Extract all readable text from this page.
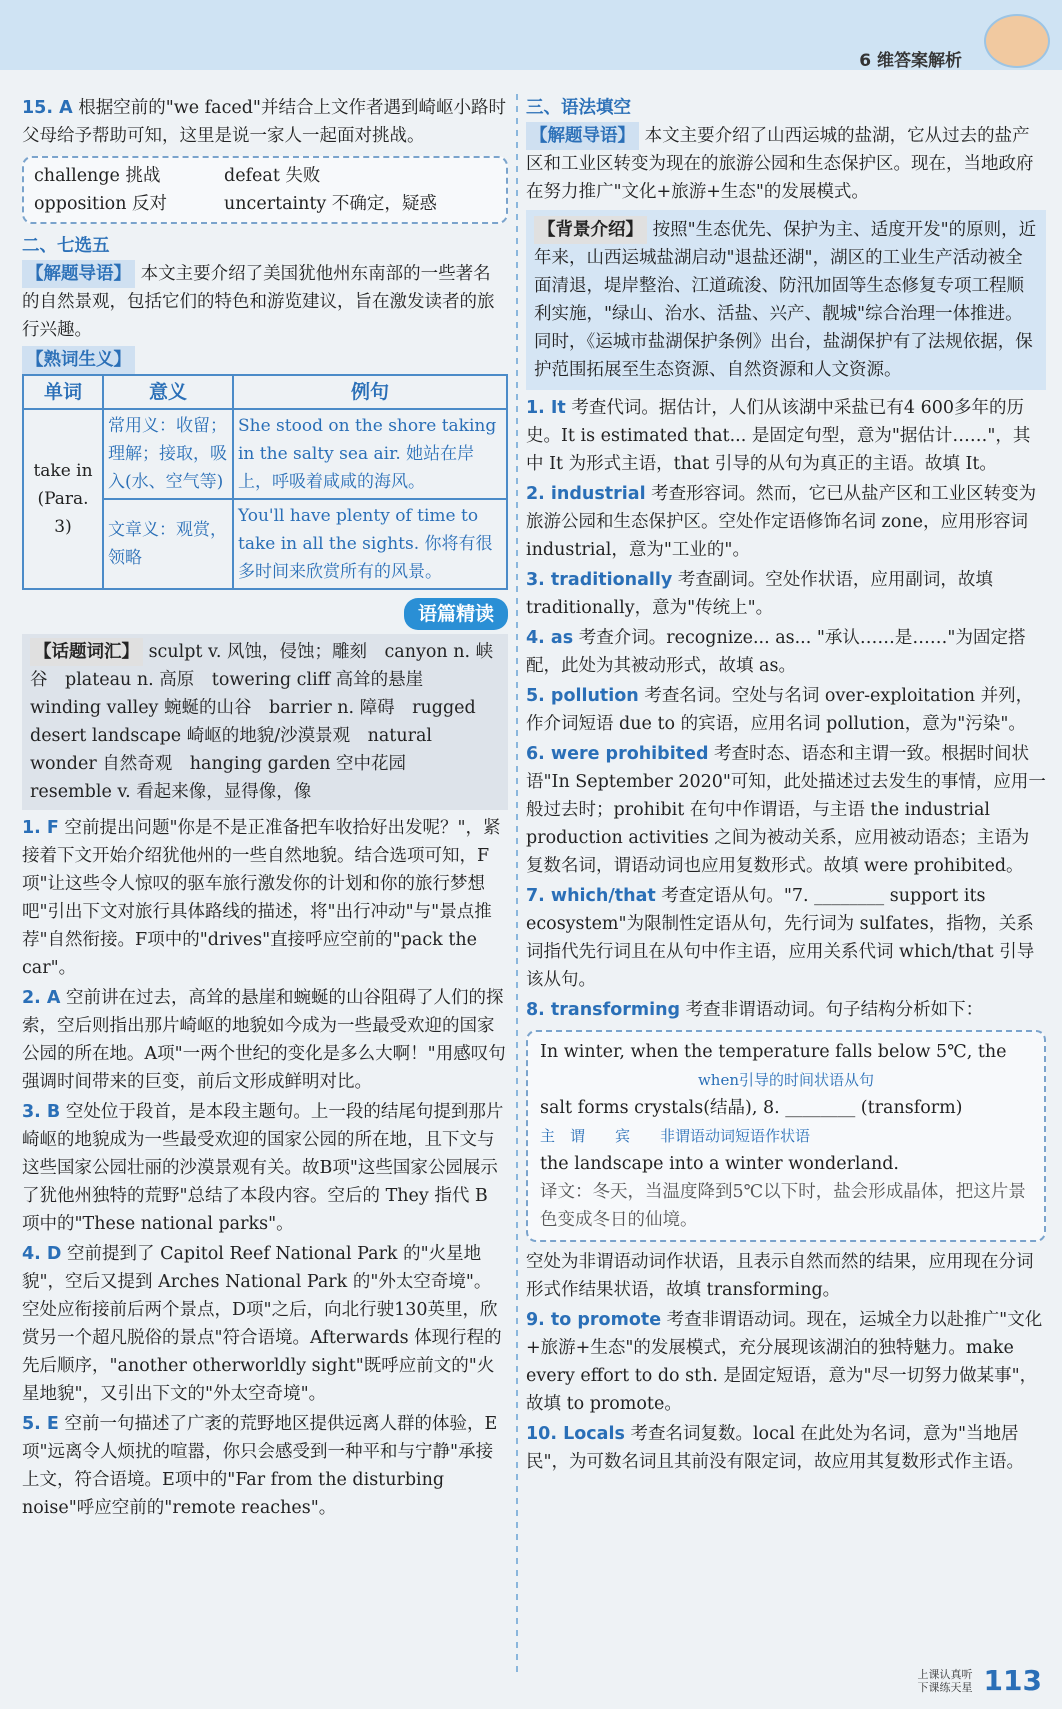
6 维答案解析

15. A 根据空前的"we faced"并结合上文作者遇到崎岖小路时父母给予帮助可知，这里是说一家人一起面对挑战。

challenge 挑战	defeat 失败
opposition 反对	uncertainty 不确定，疑惑

二、七选五

【解题导语】 本文主要介绍了美国犹他州东南部的一些著名的自然景观，包括它们的特色和游览建议，旨在激发读者的旅行兴趣。

【熟词生义】

单词	意义	例句
take in (Para. 3)	常用义：收留；理解；接取，吸入(水、空气等)	She stood on the shore taking in the salty sea air. 她站在岸上，呼吸着咸咸的海风。
	文章义：观赏，领略	You'll have plenty of time to take in all the sights. 你将有很多时间来欣赏所有的风景。
语篇精读
【话题词汇】 sculpt v. 风蚀，侵蚀；雕刻　canyon n. 峡谷　plateau n. 高原　towering cliff 高耸的悬崖　winding valley 蜿蜒的山谷　barrier n. 障碍　rugged desert landscape 崎岖的地貌/沙漠景观　natural wonder 自然奇观　hanging garden 空中花园　resemble v. 看起来像，显得像，像

1. F 空前提出问题"你是不是正准备把车收拾好出发呢？"，紧接着下文开始介绍犹他州的一些自然地貌。结合选项可知，F项"让这些令人惊叹的驱车旅行激发你的计划和你的旅行梦想吧"引出下文对旅行具体路线的描述，将"出行冲动"与"景点推荐"自然衔接。F项中的"drives"直接呼应空前的"pack the car"。

2. A 空前讲在过去，高耸的悬崖和蜿蜒的山谷阻碍了人们的探索，空后则指出那片崎岖的地貌如今成为一些最受欢迎的国家公园的所在地。A项"一两个世纪的变化是多么大啊！"用感叹句强调时间带来的巨变，前后文形成鲜明对比。

3. B 空处位于段首，是本段主题句。上一段的结尾句提到那片崎岖的地貌成为一些最受欢迎的国家公园的所在地，且下文与这些国家公园壮丽的沙漠景观有关。故B项"这些国家公园展示了犹他州独特的荒野"总结了本段内容。空后的 They 指代 B 项中的"These national parks"。

4. D 空前提到了 Capitol Reef National Park 的"火星地貌"，空后又提到 Arches National Park 的"外太空奇境"。空处应衔接前后两个景点，D项"之后，向北行驶130英里，欣赏另一个超凡脱俗的景点"符合语境。Afterwards 体现行程的先后顺序，"another otherworldly sight"既呼应前文的"火星地貌"，又引出下文的"外太空奇境"。

5. E 空前一句描述了广袤的荒野地区提供远离人群的体验，E项"远离令人烦扰的喧嚣，你只会感受到一种平和与宁静"承接上文，符合语境。E项中的"Far from the disturbing noise"呼应空前的"remote reaches"。

三、语法填空

【解题导语】 本文主要介绍了山西运城的盐湖，它从过去的盐产区和工业区转变为现在的旅游公园和生态保护区。现在，当地政府在努力推广"文化+旅游+生态"的发展模式。

【背景介绍】 按照"生态优先、保护为主、适度开发"的原则，近年来，山西运城盐湖启动"退盐还湖"，湖区的工业生产活动被全面清退，堤岸整治、江道疏浚、防汛加固等生态修复专项工程顺利实施，"绿山、治水、活盐、兴产、靓城"综合治理一体推进。同时，《运城市盐湖保护条例》出台，盐湖保护有了法规依据，保护范围拓展至生态资源、自然资源和人文资源。

1. It 考查代词。据估计，人们从该湖中采盐已有4 600多年的历史。It is estimated that... 是固定句型，意为"据估计……"，其中 It 为形式主语，that 引导的从句为真正的主语。故填 It。

2. industrial 考查形容词。然而，它已从盐产区和工业区转变为旅游公园和生态保护区。空处作定语修饰名词 zone，应用形容词 industrial，意为"工业的"。

3. traditionally 考查副词。空处作状语，应用副词，故填 traditionally，意为"传统上"。

4. as 考查介词。recognize... as... "承认……是……"为固定搭配，此处为其被动形式，故填 as。

5. pollution 考查名词。空处与名词 over-exploitation 并列，作介词短语 due to 的宾语，应用名词 pollution，意为"污染"。

6. were prohibited 考查时态、语态和主谓一致。根据时间状语"In September 2020"可知，此处描述过去发生的事情，应用一般过去时；prohibit 在句中作谓语，与主语 the industrial production activities 之间为被动关系，应用被动语态；主语为复数名词，谓语动词也应用复数形式。故填 were prohibited。

7. which/that 考查定语从句。"7. ________ support its ecosystem"为限制性定语从句，先行词为 sulfates，指物，关系词指代先行词且在从句中作主语，应用关系代词 which/that 引导该从句。

8. transforming 考查非谓语动词。句子结构分析如下：

In winter, when the temperature falls below 5℃, the

when引导的时间状语从句

salt forms crystals(结晶), 8. ________ (transform)

主　谓　　宾　　非谓语动词短语作状语

the landscape into a winter wonderland.

译文：冬天，当温度降到5℃以下时，盐会形成晶体，把这片景色变成冬日的仙境。

空处为非谓语动词作状语，且表示自然而然的结果，应用现在分词形式作结果状语，故填 transforming。

9. to promote 考查非谓语动词。现在，运城全力以赴推广"文化+旅游+生态"的发展模式，充分展现该湖泊的独特魅力。make every effort to do sth. 是固定短语，意为"尽一切努力做某事"，故填 to promote。

10. Locals 考查名词复数。local 在此处为名词，意为"当地居民"，为可数名词且其前没有限定词，故应用其复数形式作主语。

上课认真听
下课练天星 113
